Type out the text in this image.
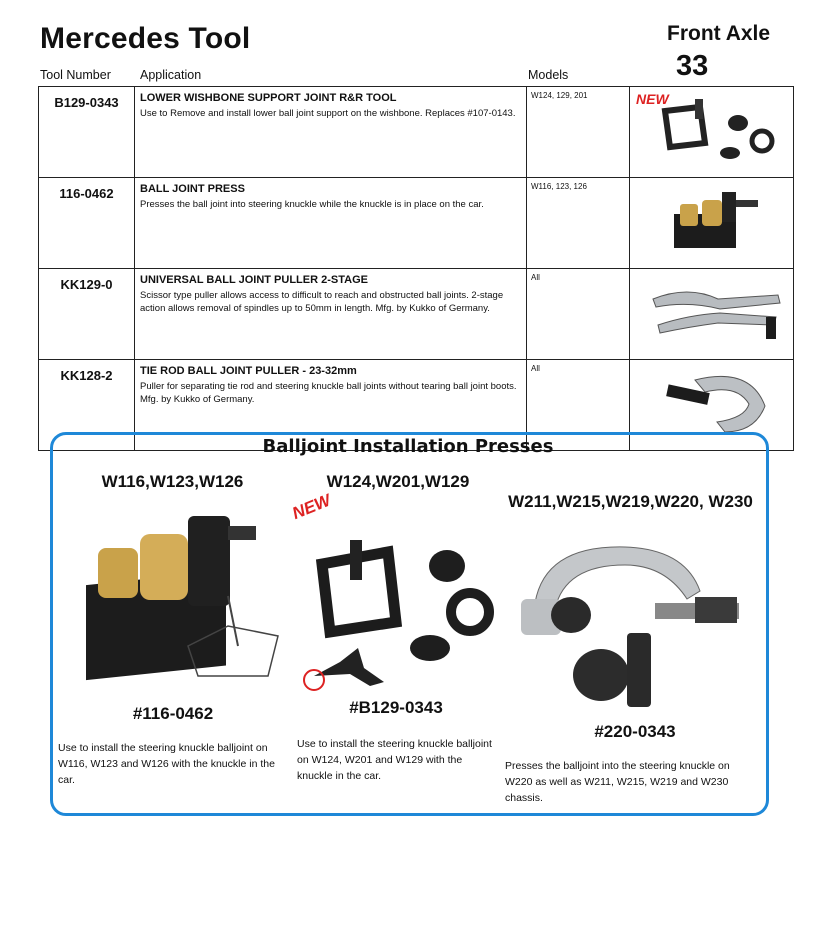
Mercedes Tool	Front Axle
33
Tool Number Application	Models
B129-0343	LOWER WISHBONE SUPPORT JOINT R&R TOOL
Use to Remove and install lower ball joint support on the wishbone. Replaces #107-0143.	W124, 129, 201	NEW

116-0462	BALL JOINT PRESS
Presses the ball joint into steering knuckle while the knuckle is in place on the car.	W116, 123, 126	

KK129-0	UNIVERSAL BALL JOINT PULLER 2-STAGE
Scissor type puller allows access to difficult to reach and obstructed ball joints. 2-stage action allows removal of spindles up to 50mm in length. Mfg. by Kukko of Germany.	All	

KK128-2	TIE ROD BALL JOINT PULLER - 23-32mm
Puller for separating tie rod and steering knuckle ball joints without tearing ball joint boots. Mfg. by Kukko of Germany.	All	
Balljoint Installation Presses
W116,W123,W126
#116-0462
Use to install the steering knuckle balljoint on W116, W123 and W126 with the knuckle in the car.
W124,W201,W129
NEW
#B129-0343
Use to install the steering knuckle balljoint on W124, W201 and W129 with the knuckle in the car.
W211,W215,W219,W220, W230
#220-0343
Presses the balljoint into the steering knuckle on W220 as well as W211, W215, W219 and W230 chassis.
